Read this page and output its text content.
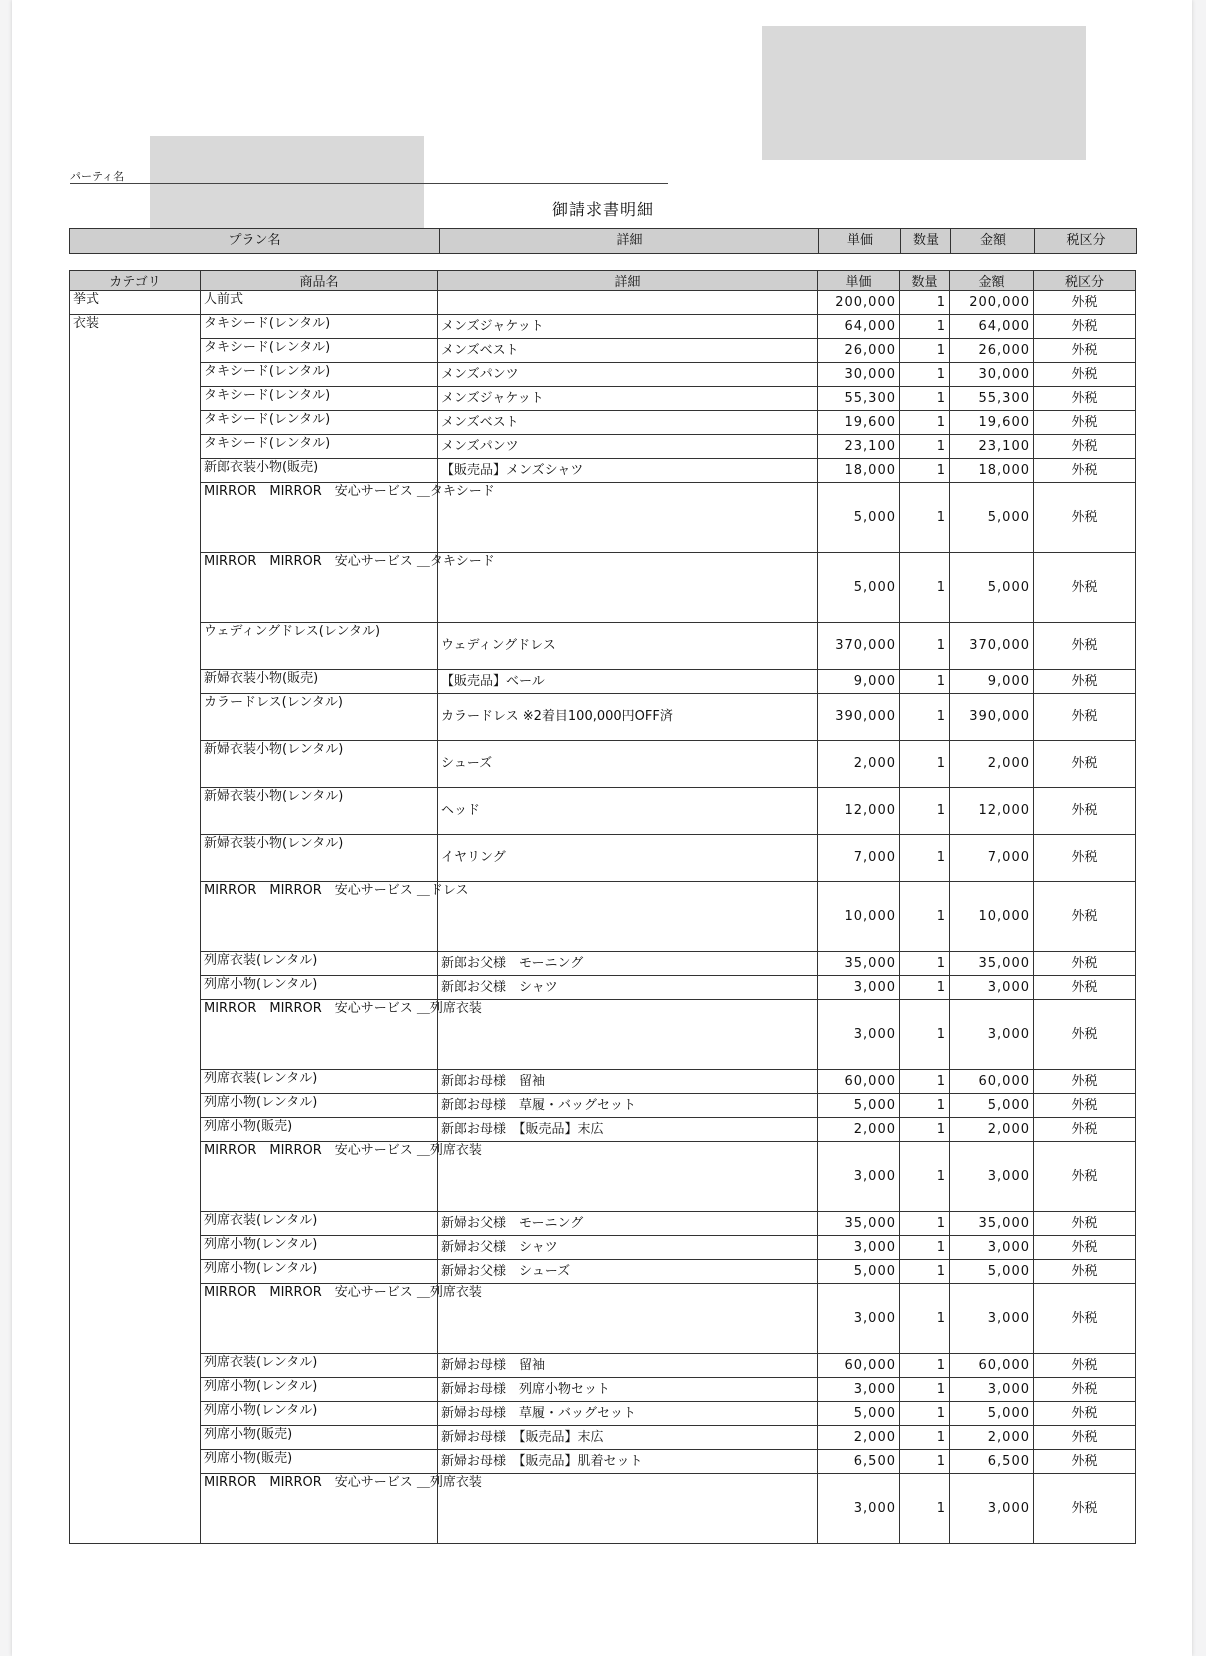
パーティ名
御請求書明細
プラン名	詳細	単価	数量	金額	税区分
カテゴリ	商品名	詳細	単価	数量	金額	税区分
挙式	人前式		200,000	1	200,000	外税
衣装	タキシード(レンタル)	メンズジャケット	64,000	1	64,000	外税
	タキシード(レンタル)	メンズベスト	26,000	1	26,000	外税
	タキシード(レンタル)	メンズパンツ	30,000	1	30,000	外税
	タキシード(レンタル)	メンズジャケット	55,300	1	55,300	外税
	タキシード(レンタル)	メンズベスト	19,600	1	19,600	外税
	タキシード(レンタル)	メンズパンツ	23,100	1	23,100	外税
	新郎衣装小物(販売)	【販売品】メンズシャツ	18,000	1	18,000	外税
	MIRROR　MIRROR　安心サービス ＿タキシード		5,000	1	5,000	外税
	MIRROR　MIRROR　安心サービス ＿タキシード		5,000	1	5,000	外税
	ウェディングドレス(レンタル)	ウェディングドレス	370,000	1	370,000	外税
	新婦衣装小物(販売)	【販売品】ベール	9,000	1	9,000	外税
	カラードレス(レンタル)	カラードレス ※2着目100,000円OFF済	390,000	1	390,000	外税
	新婦衣装小物(レンタル)	シューズ	2,000	1	2,000	外税
	新婦衣装小物(レンタル)	ヘッド	12,000	1	12,000	外税
	新婦衣装小物(レンタル)	イヤリング	7,000	1	7,000	外税
	MIRROR　MIRROR　安心サービス ＿ドレス		10,000	1	10,000	外税
	列席衣装(レンタル)	新郎お父様　モーニング	35,000	1	35,000	外税
	列席小物(レンタル)	新郎お父様　シャツ	3,000	1	3,000	外税
	MIRROR　MIRROR　安心サービス ＿列席衣装		3,000	1	3,000	外税
	列席衣装(レンタル)	新郎お母様　留袖	60,000	1	60,000	外税
	列席小物(レンタル)	新郎お母様　草履・バッグセット	5,000	1	5,000	外税
	列席小物(販売)	新郎お母様　【販売品】末広	2,000	1	2,000	外税
	MIRROR　MIRROR　安心サービス ＿列席衣装		3,000	1	3,000	外税
	列席衣装(レンタル)	新婦お父様　モーニング	35,000	1	35,000	外税
	列席小物(レンタル)	新婦お父様　シャツ	3,000	1	3,000	外税
	列席小物(レンタル)	新婦お父様　シューズ	5,000	1	5,000	外税
	MIRROR　MIRROR　安心サービス ＿列席衣装		3,000	1	3,000	外税
	列席衣装(レンタル)	新婦お母様　留袖	60,000	1	60,000	外税
	列席小物(レンタル)	新婦お母様　列席小物セット	3,000	1	3,000	外税
	列席小物(レンタル)	新婦お母様　草履・バッグセット	5,000	1	5,000	外税
	列席小物(販売)	新婦お母様　【販売品】末広	2,000	1	2,000	外税
	列席小物(販売)	新婦お母様　【販売品】肌着セット	6,500	1	6,500	外税
	MIRROR　MIRROR　安心サービス ＿列席衣装		3,000	1	3,000	外税
